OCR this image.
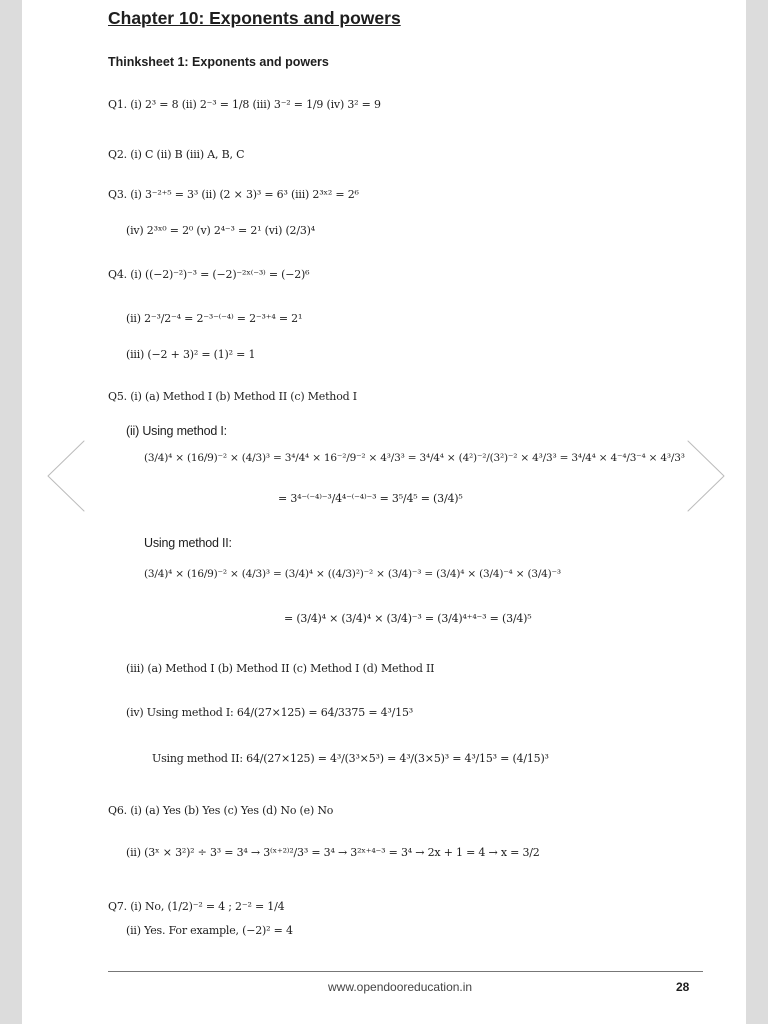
Chapter 10: Exponents and powers
Thinksheet 1: Exponents and powers
Q1. (i) 2³ = 8 (ii) 2⁻³ = 1/8 (iii) 3⁻² = 1/9 (iv) 3² = 9
Q2. (i) C (ii) B (iii) A, B, C
Q3. (i) 3⁻²⁺⁵ = 3³ (ii) (2 × 3)³ = 6³ (iii) 2³ˣ² = 2⁶
(iv) 2³ˣ⁰ = 2⁰ (v) 2⁴⁻³ = 2¹ (vi) (2/3)⁴
Q4. (i) ((−2)⁻²)⁻³ = (−2)⁻²ˣ⁽⁻³⁾ = (−2)⁶
(ii) 2⁻³/2⁻⁴ = 2⁻³⁻⁽⁻⁴⁾ = 2⁻³⁺⁴ = 2¹
(iii) (−2 + 3)² = (1)² = 1
Q5. (i) (a) Method I (b) Method II (c) Method I
(ii) Using method I:
(3/4)⁴ × (16/9)⁻² × (4/3)³ = 3⁴/4⁴ × 16⁻²/9⁻² × 4³/3³ = 3⁴/4⁴ × (4²)⁻²/(3²)⁻² × 4³/3³ = 3⁴/4⁴ × 4⁻⁴/3⁻⁴ × 4³/3³
= 3⁴⁻⁽⁻⁴⁾⁻³/4⁴⁻⁽⁻⁴⁾⁻³ = 3⁵/4⁵ = (3/4)⁵
Using method II:
(3/4)⁴ × (16/9)⁻² × (4/3)³ = (3/4)⁴ × ((4/3)²)⁻² × (3/4)⁻³ = (3/4)⁴ × (3/4)⁻⁴ × (3/4)⁻³
= (3/4)⁴ × (3/4)⁴ × (3/4)⁻³ = (3/4)⁴⁺⁴⁻³ = (3/4)⁵
(iii) (a) Method I (b) Method II (c) Method I (d) Method II
(iv) Using method I: 64/(27×125) = 64/3375 = 4³/15³
Using method II: 64/(27×125) = 4³/(3³×5³) = 4³/(3×5)³ = 4³/15³ = (4/15)³
Q6. (i) (a) Yes (b) Yes (c) Yes (d) No (e) No
(ii) (3ˣ × 3²)² ÷ 3³ = 3⁴ → 3⁽ˣ⁺²⁾²/3³ = 3⁴ → 3²ˣ⁺⁴⁻³ = 3⁴ → 2x + 1 = 4 → x = 3/2
Q7. (i) No, (1/2)⁻² = 4 ; 2⁻² = 1/4
(ii) Yes. For example, (−2)² = 4
www.opendooreducation.in	28
